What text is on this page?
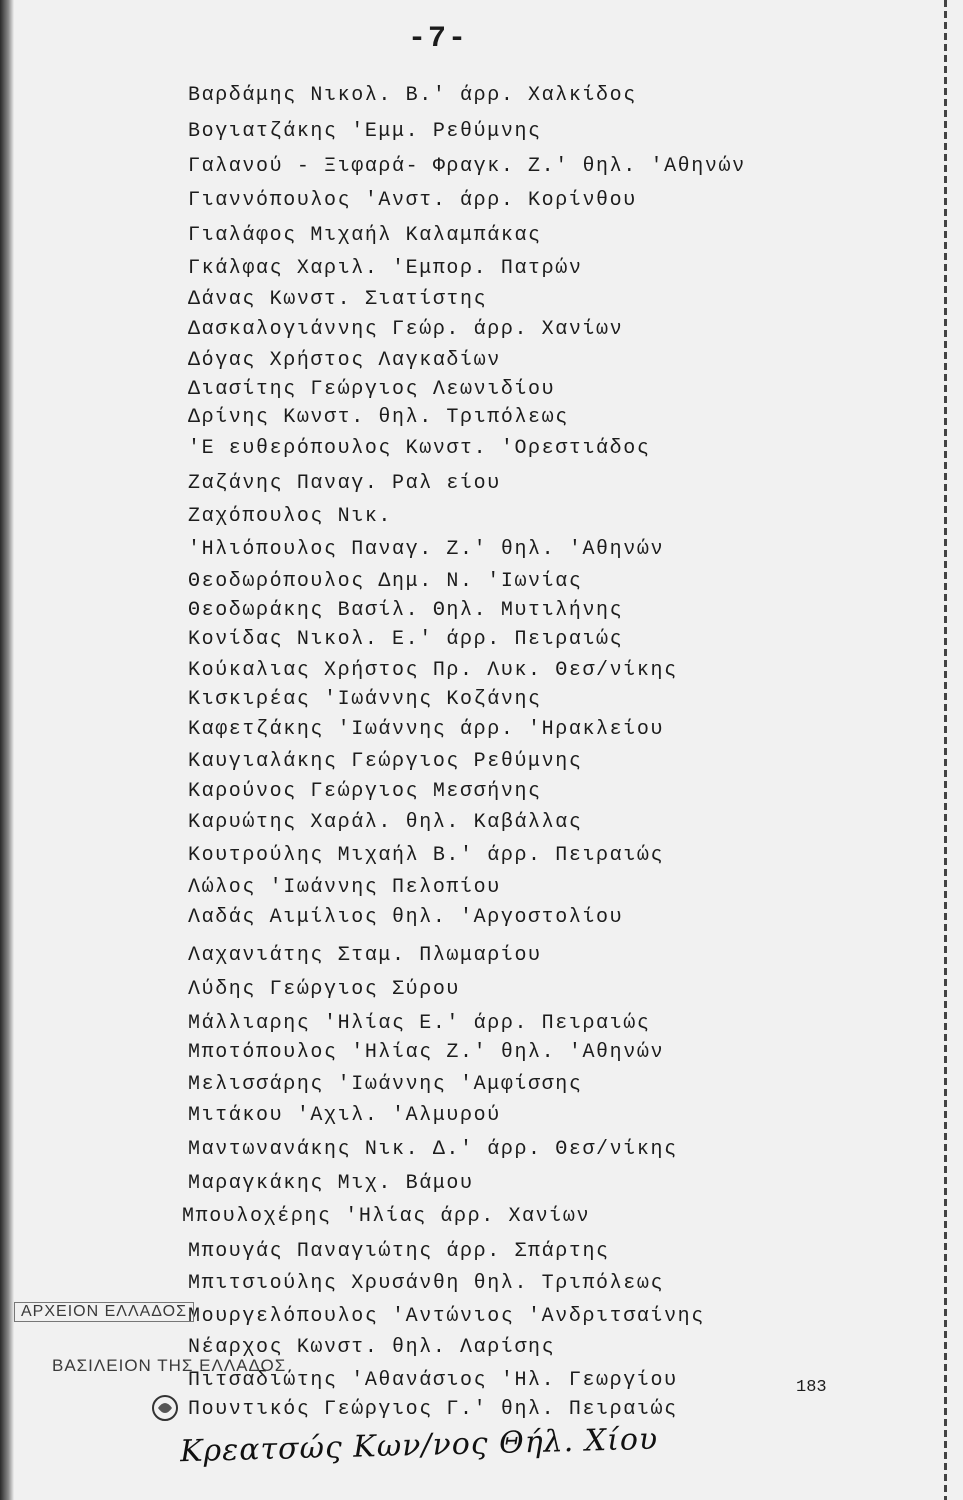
-7-
Βαρδάμης Νικολ. Β.' άρρ. Χαλκίδος
Βογιατζάκης 'Εμμ. Ρεθύμνης
Γαλανού - Ξιφαρά- Φραγκ. Ζ.' θηλ. 'Αθηνών
Γιαννόπουλος 'Ανστ. άρρ. Κορίνθου
Γιαλάφος Μιχαήλ Καλαμπάκας
Γκάλφας Χαριλ. 'Εμπορ. Πατρών
Δάνας Κωνστ. Σιατίστης
Δασκαλογιάννης Γεώρ. άρρ. Χανίων
Δόγας Χρήστος Λαγκαδίων
Διασίτης Γεώργιος Λεωνιδίου
Δρίνης Κωνστ. θηλ. Τριπόλεως
'Ε ευθερόπουλος Κωνστ. 'Ορεστιάδος
Ζαζάνης Παναγ. Ραλ είου
Ζαχόπουλος Νικ.
'Ηλιόπουλος Παναγ. Ζ.' θηλ. 'Αθηνών
Θεοδωρόπουλος Δημ. Ν. 'Ιωνίας
Θεοδωράκης Βασίλ. Θηλ. Μυτιλήνης
Κονίδας Νικολ. Ε.' άρρ. Πειραιώς
Κούκαλιας Χρήστος Πρ. Λυκ. Θεσ/νίκης
Κισκιρέας 'Ιωάννης Κοζάνης
Καφετζάκης 'Ιωάννης άρρ. 'Ηρακλείου
Καυγιαλάκης Γεώργιος Ρεθύμνης
Καρούνος Γεώργιος Μεσσήνης
Καρυώτης Χαράλ. θηλ. Καβάλλας
Κουτρούλης Μιχαήλ Β.' άρρ. Πειραιώς
Λώλος 'Ιωάννης Πελοπίου
Λαδάς Αιμίλιος θηλ. 'Αργοστολίου
Λαχανιάτης Σταμ. Πλωμαρίου
Λύδης Γεώργιος Σύρου
Μάλλιαρης 'Ηλίας Ε.' άρρ. Πειραιώς
Μποτόπουλος 'Ηλίας Ζ.' θηλ. 'Αθηνών
Μελισσάρης 'Ιωάννης 'Αμφίσσης
Μιτάκου 'Αχιλ. 'Αλμυρού
Μαντωνανάκης Νικ. Δ.' άρρ. Θεσ/νίκης
Μαραγκάκης Μιχ. Βάμου
Μπουλοχέρης 'Ηλίας άρρ. Χανίων
Μπουγάς Παναγιώτης άρρ. Σπάρτης
Μπιτσιούλης Χρυσάνθη θηλ. Τριπόλεως
Μουργελόπουλος 'Αντώνιος 'Ανδριτσαίνης
Νέαρχος Κωνστ. θηλ. Λαρίσης
Πιτσαδιώτης 'Αθανάσιος 'Ηλ. Γεωργίου
Πουντικός Γεώργιος Γ.' θηλ. Πειραιώς
ΑΡΧΕΙΟΝ ΕΛΛΑΔΟΣ
ΒΑΣΙΛΕΙΟΝ ΤΗΣ ΕΛΛΑΔΟΣ
183
Κρεατσώς Κων/νος Θήλ. Χίου
